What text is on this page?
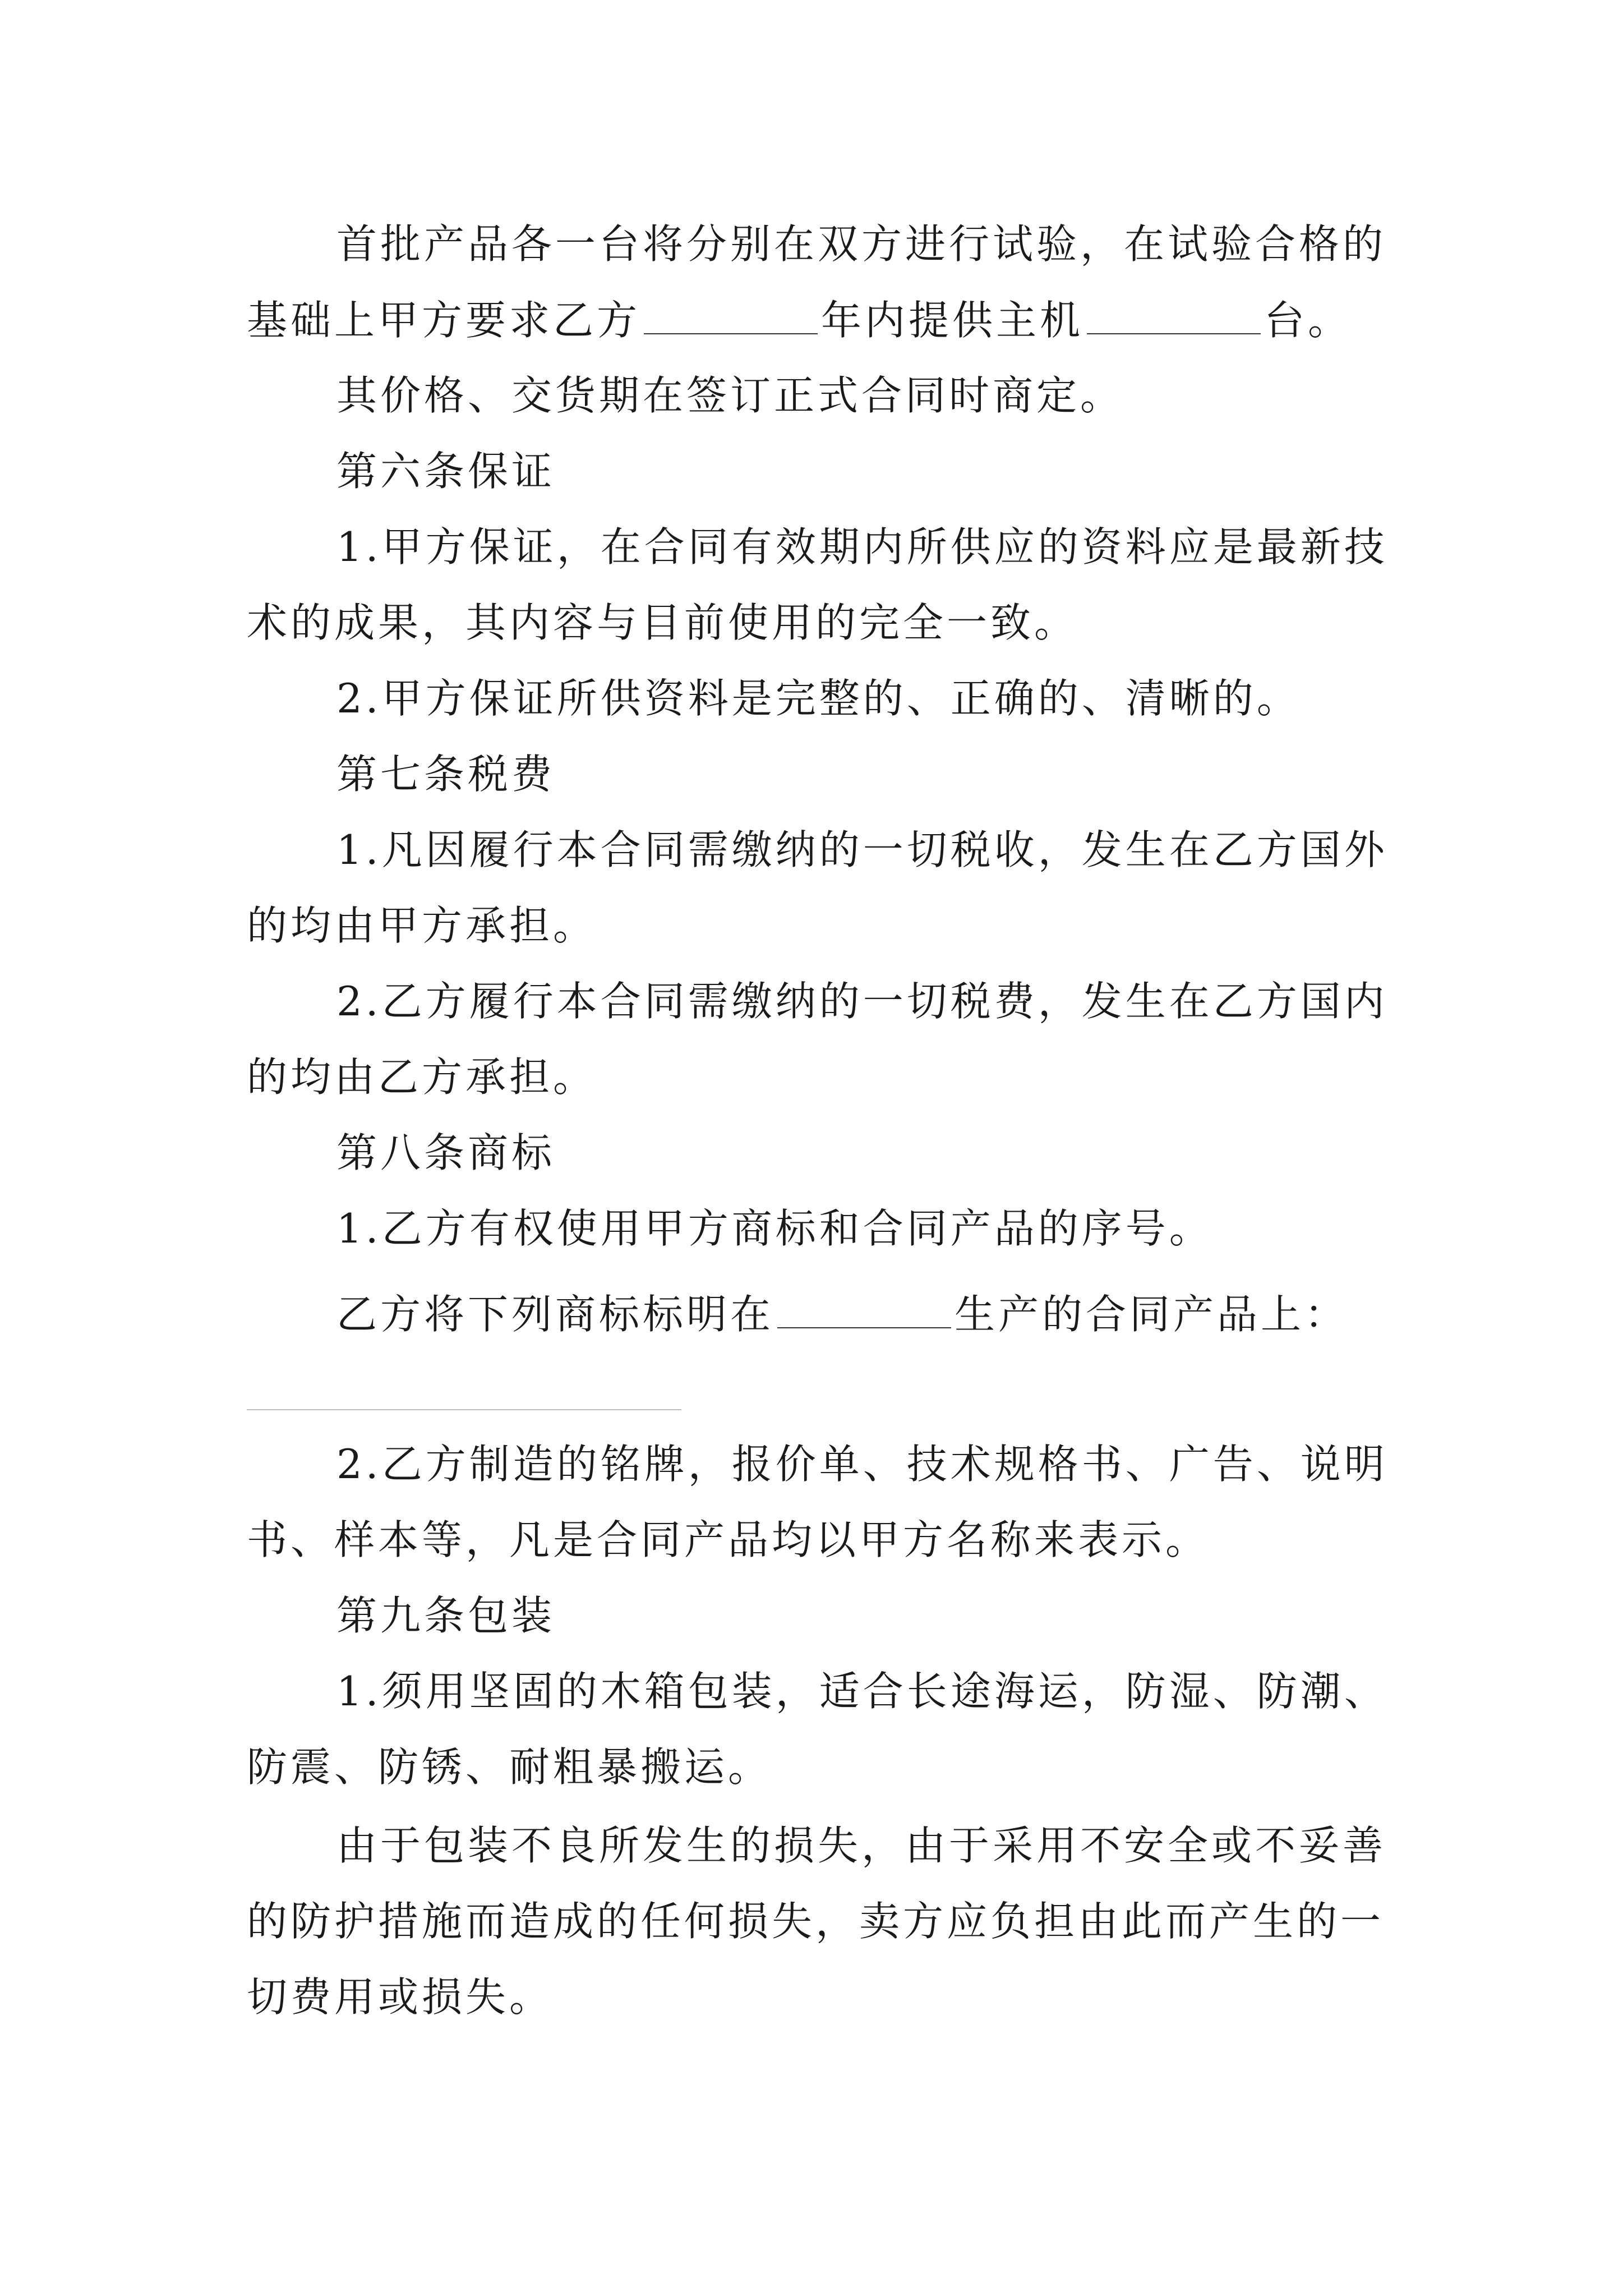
首批产品各一台将分别在双方进行试验，在试验合格的
基础上甲方要求乙方	年内提供主机	台。
其价格、交货期在签订正式合同时商定。
第六条保证
1.甲方保证，在合同有效期内所供应的资料应是最新技
术的成果，其内容与目前使用的完全一致。
2.甲方保证所供资料是完整的、正确的、清晰的。
第七条税费
1.凡因履行本合同需缴纳的一切税收，发生在乙方国外
的均由甲方承担。
2.乙方履行本合同需缴纳的一切税费，发生在乙方国内
的均由乙方承担。
第八条商标
1.乙方有权使用甲方商标和合同产品的序号。
乙方将下列商标标明在	生产的合同产品上：
2.乙方制造的铭牌，报价单、技术规格书、广告、说明
书、样本等，凡是合同产品均以甲方名称来表示。
第九条包装
1.须用坚固的木箱包装，适合长途海运，防湿、防潮、
防震、防锈、耐粗暴搬运。
由于包装不良所发生的损失，由于采用不安全或不妥善
的防护措施而造成的任何损失，卖方应负担由此而产生的一
切费用或损失。
